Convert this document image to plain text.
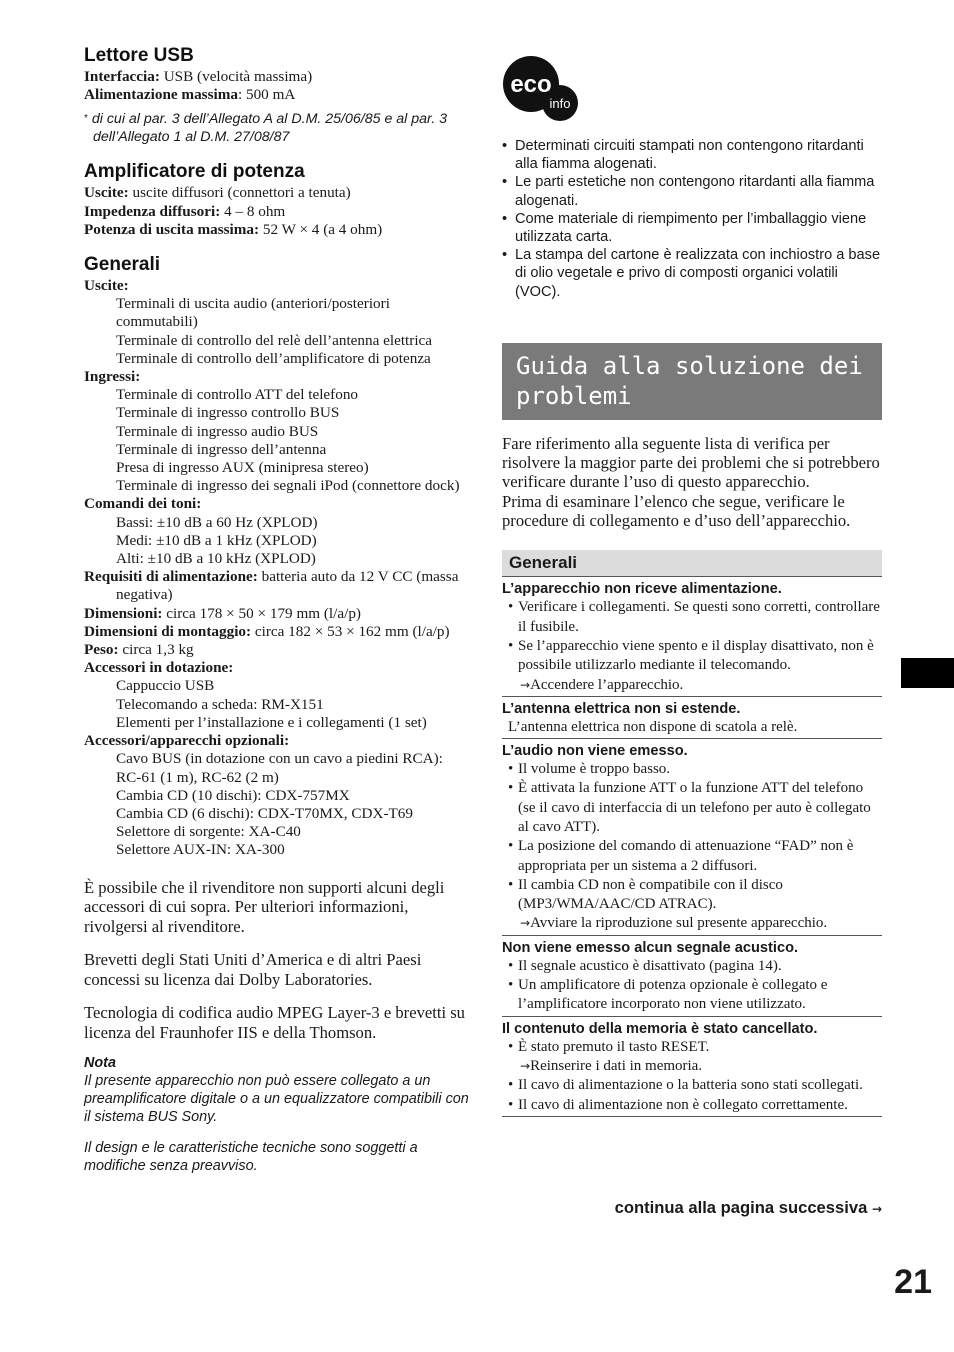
Lettore USB

Interfaccia: USB (velocità massima)

Alimentazione massima: 500 mA

* di cui al par. 3 dell’Allegato A al D.M. 25/06/85 e al par. 3 dell’Allegato 1 al D.M. 27/08/87

Amplificatore di potenza

Uscite: uscite diffusori (connettori a tenuta)

Impedenza diffusori: 4 – 8 ohm

Potenza di uscita massima: 52 W × 4 (a 4 ohm)

Generali

Uscite:

Terminali di uscita audio (anteriori/posteriori commutabili)

Terminale di controllo del relè dell’antenna elettrica

Terminale di controllo dell’amplificatore di potenza

Ingressi:

Terminale di controllo ATT del telefono

Terminale di ingresso controllo BUS

Terminale di ingresso audio BUS

Terminale di ingresso dell’antenna

Presa di ingresso AUX (minipresa stereo)

Terminale di ingresso dei segnali iPod (connettore dock)

Comandi dei toni:

Bassi: ±10 dB a 60 Hz (XPLOD)

Medi: ±10 dB a 1 kHz (XPLOD)

Alti: ±10 dB a 10 kHz (XPLOD)

Requisiti di alimentazione: batteria auto da 12 V CC (massa negativa)

Dimensioni: circa 178 × 50 × 179 mm (l/a/p)

Dimensioni di montaggio: circa 182 × 53 × 162 mm (l/a/p)

Peso: circa 1,3 kg

Accessori in dotazione:

Cappuccio USB

Telecomando a scheda: RM-X151

Elementi per l’installazione e i collegamenti (1 set)

Accessori/apparecchi opzionali:

Cavo BUS (in dotazione con un cavo a piedini RCA): RC-61 (1 m), RC-62 (2 m)

Cambia CD (10 dischi): CDX-757MX

Cambia CD (6 dischi): CDX-T70MX, CDX-T69

Selettore di sorgente: XA-C40

Selettore AUX-IN: XA-300

È possibile che il rivenditore non supporti alcuni degli accessori di cui sopra. Per ulteriori informazioni, rivolgersi al rivenditore.

Brevetti degli Stati Uniti d’America e di altri Paesi concessi su licenza dai Dolby Laboratories.

Tecnologia di codifica audio MPEG Layer-3 e brevetti su licenza del Fraunhofer IIS e della Thomson.

Nota

Il presente apparecchio non può essere collegato a un preamplificatore digitale o a un equalizzatore compatibili con il sistema BUS Sony.

Il design e le caratteristiche tecniche sono soggetti a modifiche senza preavviso.

eco
info
• Determinati circuiti stampati non contengono ritardanti alla fiamma alogenati.
• Le parti estetiche non contengono ritardanti alla fiamma alogenati.
• Come materiale di riempimento per l’imballaggio viene utilizzata carta.
• La stampa del cartone è realizzata con inchiostro a base di olio vegetale e privo di composti organici volatili (VOC).
Guida alla soluzione dei
problemi

Fare riferimento alla seguente lista di verifica per risolvere la maggior parte dei problemi che si potrebbero verificare durante l’uso di questo apparecchio.
Prima di esaminare l’elenco che segue, verificare le procedure di collegamento e d’uso dell’apparecchio.

Generali

L’apparecchio non riceve alimentazione.

• Verificare i collegamenti. Se questi sono corretti, controllare il fusibile.
• Se l’apparecchio viene spento e il display disattivato, non è possibile utilizzarlo mediante il telecomando.
→Accendere l’apparecchio.

L’antenna elettrica non si estende.

L’antenna elettrica non dispone di scatola a relè.

L’audio non viene emesso.

• Il volume è troppo basso.
• È attivata la funzione ATT o la funzione ATT del telefono (se il cavo di interfaccia di un telefono per auto è collegato al cavo ATT).
• La posizione del comando di attenuazione “FAD” non è appropriata per un sistema a 2 diffusori.
• Il cambia CD non è compatibile con il disco (MP3/WMA/AAC/CD ATRAC).
→Avviare la riproduzione sul presente apparecchio.

Non viene emesso alcun segnale acustico.

• Il segnale acustico è disattivato (pagina 14).
• Un amplificatore di potenza opzionale è collegato e l’amplificatore incorporato non viene utilizzato.

Il contenuto della memoria è stato cancellato.

• È stato premuto il tasto RESET.
→Reinserire i dati in memoria.
• Il cavo di alimentazione o la batteria sono stati scollegati.
• Il cavo di alimentazione non è collegato correttamente.
continua alla pagina successiva →
21
